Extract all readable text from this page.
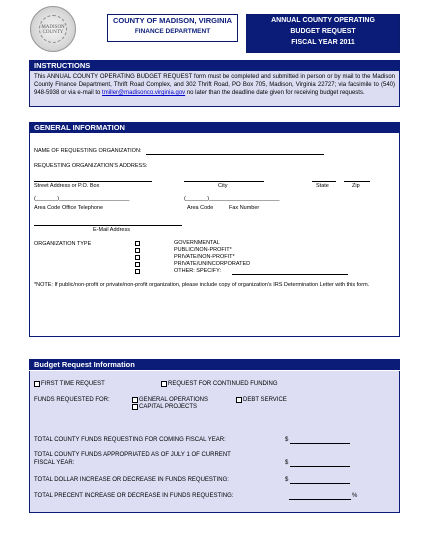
MADISON COUNTY
COUNTY OF MADISON, VIRGINIA
FINANCE DEPARTMENT
ANNUAL COUNTY OPERATING
BUDGET REQUEST
FISCAL YEAR 2011
INSTRUCTIONS
This ANNUAL COUNTY OPERATING BUDGET REQUEST form must be completed and submitted in person or by mail to the Madison County Finance Department, Thrift Road Complex, and 302 Thrift Road, PO Box 705, Madison, Virginia 22727; via facsimile to (540) 948-5938 or via e-mail to tmiller@madisonco.virginia.gov no later than the deadline date given for receiving budget requests.
GENERAL INFORMATION
NAME OF REQUESTING ORGANIZATION:
REQUESTING ORGANIZATION'S ADDRESS:
Street Address or P.O. Box	City	State	Zip
(_______)_______________________	(_______)_______________________
Area Code Office Telephone	Area Code	Fax Number
E-Mail Address
ORGANIZATION TYPE	GOVERNMENTAL
PUBLIC/NON-PROFIT*
PRIVATE/NON-PROFIT*
PRIVATE/UNINCORPORATED
OTHER: SPECIFY:
*NOTE: If public/non-profit or private/non-profit organization, please include copy of organization's IRS Determination Letter with this form.
Budget Request Information
FIRST TIME REQUEST	REQUEST FOR CONTINUED FUNDING
FUNDS REQUESTED FOR:	GENERAL OPERATIONS	DEBT SERVICE
CAPITAL PROJECTS
TOTAL COUNTY FUNDS REQUESTING FOR COMING FISCAL YEAR:	$
TOTAL COUNTY FUNDS APPROPRIATED AS OF JULY 1 OF CURRENT
FISCAL YEAR:	$
TOTAL DOLLAR INCREASE OR DECREASE IN FUNDS REQUESTING:	$
TOTAL PRECENT INCREASE OR DECREASE IN FUNDS REQUESTING:	%
